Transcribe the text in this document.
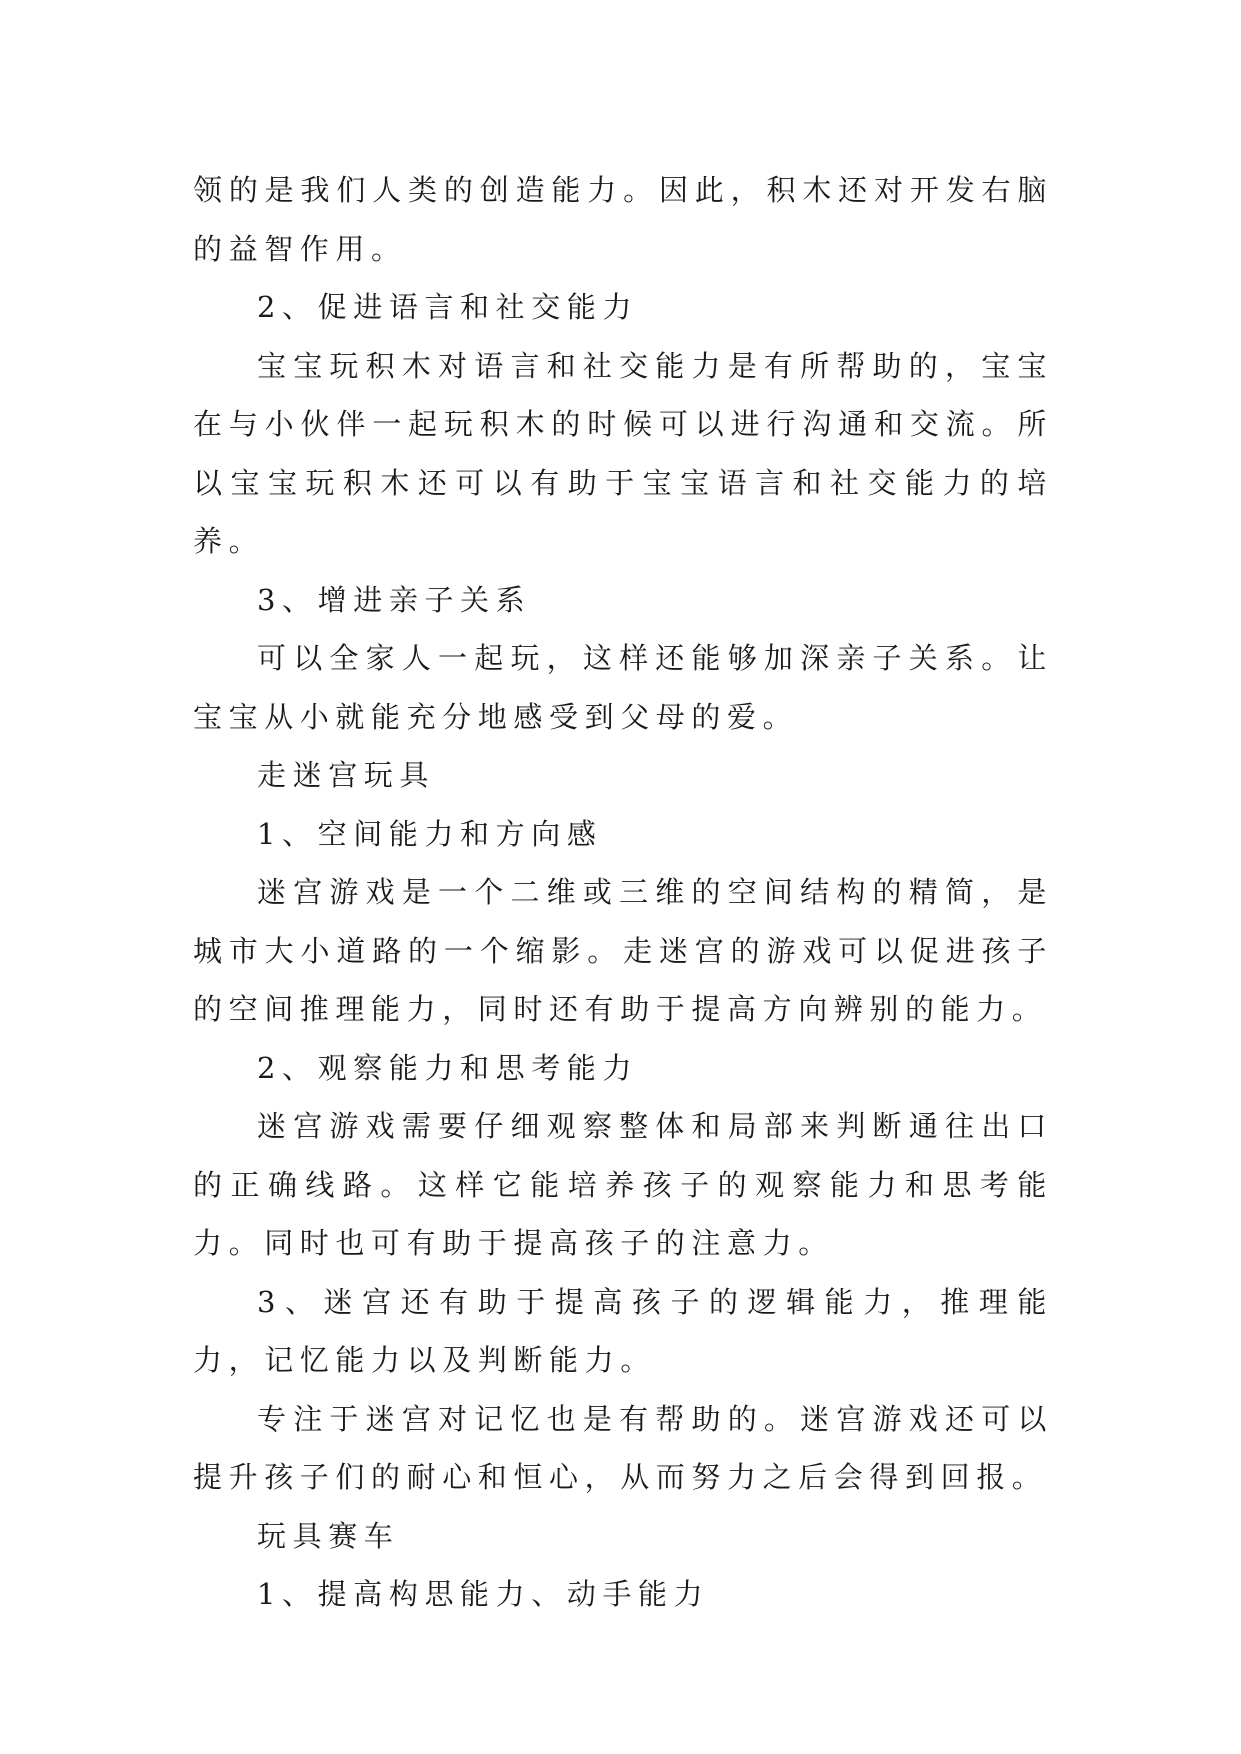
领的是我们人类的创造能力。因此，积木还对开发右脑的益智作用。

2、促进语言和社交能力

宝宝玩积木对语言和社交能力是有所帮助的，宝宝在与小伙伴一起玩积木的时候可以进行沟通和交流。所以宝宝玩积木还可以有助于宝宝语言和社交能力的培养。

3、增进亲子关系

可以全家人一起玩，这样还能够加深亲子关系。让宝宝从小就能充分地感受到父母的爱。

走迷宫玩具

1、空间能力和方向感

迷宫游戏是一个二维或三维的空间结构的精简，是城市大小道路的一个缩影。走迷宫的游戏可以促进孩子的空间推理能力，同时还有助于提高方向辨别的能力。

2、观察能力和思考能力

迷宫游戏需要仔细观察整体和局部来判断通往出口的正确线路。这样它能培养孩子的观察能力和思考能力。同时也可有助于提高孩子的注意力。

3、迷宫还有助于提高孩子的逻辑能力，推理能力，记忆能力以及判断能力。

专注于迷宫对记忆也是有帮助的。迷宫游戏还可以提升孩子们的耐心和恒心，从而努力之后会得到回报。

玩具赛车

1、提高构思能力、动手能力
